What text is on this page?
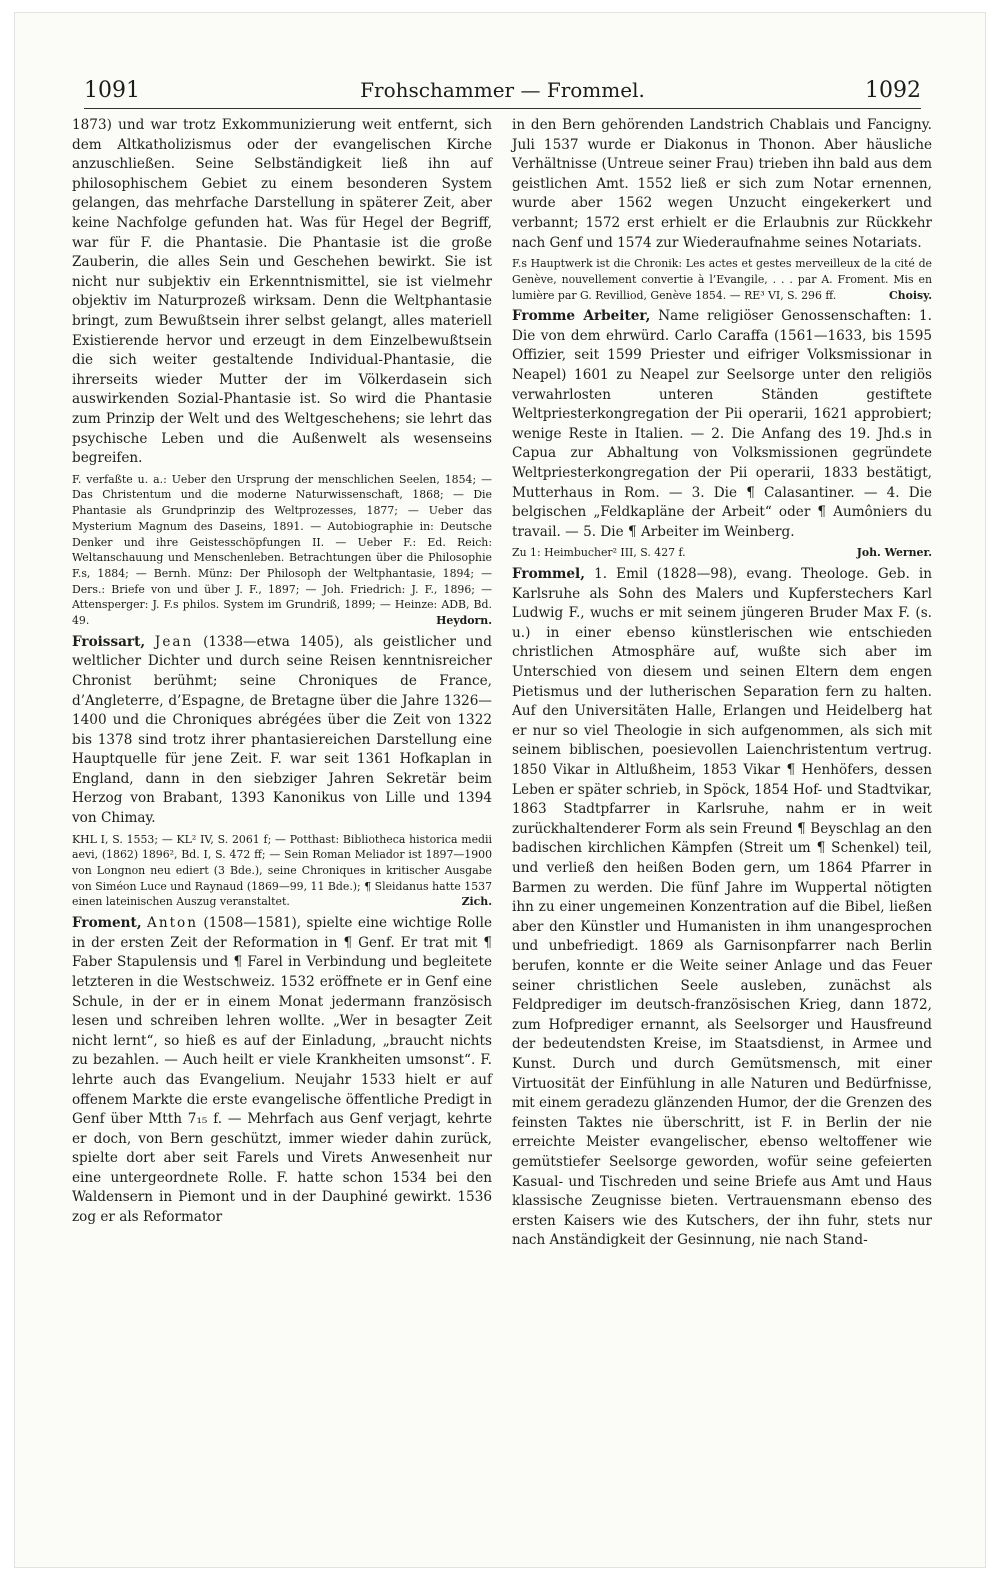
1091	Frohschammer — Frommel.	1092

1873) und war trotz Exkommunizierung weit entfernt, sich dem Altkatholizismus oder der evangelischen Kirche anzuschließen. Seine Selbständigkeit ließ ihn auf philosophischem Gebiet zu einem besonderen System gelangen, das mehrfache Darstellung in späterer Zeit, aber keine Nachfolge gefunden hat. Was für Hegel der Begriff, war für F. die Phantasie. Die Phantasie ist die große Zauberin, die alles Sein und Geschehen bewirkt. Sie ist nicht nur subjektiv ein Erkenntnismittel, sie ist vielmehr objektiv im Naturprozeß wirksam. Denn die Weltphantasie bringt, zum Bewußtsein ihrer selbst gelangt, alles materiell Existierende hervor und erzeugt in dem Einzelbewußtsein die sich weiter gestaltende Individual-Phantasie, die ihrerseits wieder Mutter der im Völkerdasein sich auswirkenden Sozial-Phantasie ist. So wird die Phantasie zum Prinzip der Welt und des Weltgeschehens; sie lehrt das psychische Leben und die Außenwelt als wesenseins begreifen.

F. verfaßte u. a.: Ueber den Ursprung der menschlichen Seelen, 1854; — Das Christentum und die moderne Naturwissenschaft, 1868; — Die Phantasie als Grundprinzip des Weltprozesses, 1877; — Ueber das Mysterium Magnum des Daseins, 1891. — Autobiographie in: Deutsche Denker und ihre Geistesschöpfungen II. — Ueber F.: Ed. Reich: Weltanschauung und Menschenleben. Betrachtungen über die Philosophie F.s, 1884; — Bernh. Münz: Der Philosoph der Weltphantasie, 1894; — Ders.: Briefe von und über J. F., 1897; — Joh. Friedrich: J. F., 1896; — Attensperger: J. F.s philos. System im Grundriß, 1899; — Heinze: ADB, Bd. 49.	Heydorn.

Froissart, Jean (1338—etwa 1405), als geistlicher und weltlicher Dichter und durch seine Reisen kenntnisreicher Chronist berühmt; seine Chroniques de France, d’Angleterre, d’Espagne, de Bretagne über die Jahre 1326—1400 und die Chroniques abrégées über die Zeit von 1322 bis 1378 sind trotz ihrer phantasiereichen Darstellung eine Hauptquelle für jene Zeit. F. war seit 1361 Hofkaplan in England, dann in den siebziger Jahren Sekretär beim Herzog von Brabant, 1393 Kanonikus von Lille und 1394 von Chimay.

KHL I, S. 1553; — KL² IV, S. 2061 f; — Potthast: Bibliotheca historica medii aevi, (1862) 1896², Bd. I, S. 472 ff; — Sein Roman Meliador ist 1897—1900 von Longnon neu ediert (3 Bde.), seine Chroniques in kritischer Ausgabe von Siméon Luce und Raynaud (1869—99, 11 Bde.); ¶ Sleidanus hatte 1537 einen lateinischen Auszug veranstaltet.	Zich.

Froment, Anton (1508—1581), spielte eine wichtige Rolle in der ersten Zeit der Reformation in ¶ Genf. Er trat mit ¶ Faber Stapulensis und ¶ Farel in Verbindung und begleitete letzteren in die Westschweiz. 1532 eröffnete er in Genf eine Schule, in der er in einem Monat jedermann französisch lesen und schreiben lehren wollte. „Wer in besagter Zeit nicht lernt“, so hieß es auf der Einladung, „braucht nichts zu bezahlen. — Auch heilt er viele Krankheiten umsonst“. F. lehrte auch das Evangelium. Neujahr 1533 hielt er auf offenem Markte die erste evangelische öffentliche Predigt in Genf über Mtth 7₁₅ f. — Mehrfach aus Genf verjagt, kehrte er doch, von Bern geschützt, immer wieder dahin zurück, spielte dort aber seit Farels und Virets Anwesenheit nur eine untergeordnete Rolle. F. hatte schon 1534 bei den Waldensern in Piemont und in der Dauphiné gewirkt. 1536 zog er als Reformator

in den Bern gehörenden Landstrich Chablais und Fancigny. Juli 1537 wurde er Diakonus in Thonon. Aber häusliche Verhältnisse (Untreue seiner Frau) trieben ihn bald aus dem geistlichen Amt. 1552 ließ er sich zum Notar ernennen, wurde aber 1562 wegen Unzucht eingekerkert und verbannt; 1572 erst erhielt er die Erlaubnis zur Rückkehr nach Genf und 1574 zur Wiederaufnahme seines Notariats.

F.s Hauptwerk ist die Chronik: Les actes et gestes merveilleux de la cité de Genève, nouvellement convertie à l’Evangile, . . . par A. Froment. Mis en lumière par G. Revilliod, Genève 1854. — RE³ VI, S. 296 ff.	Choisy.

Fromme Arbeiter, Name religiöser Genossenschaften: 1. Die von dem ehrwürd. Carlo Caraffa (1561—1633, bis 1595 Offizier, seit 1599 Priester und eifriger Volksmissionar in Neapel) 1601 zu Neapel zur Seelsorge unter den religiös verwahrlosten unteren Ständen gestiftete Weltpriesterkongregation der Pii operarii, 1621 approbiert; wenige Reste in Italien. — 2. Die Anfang des 19. Jhd.s in Capua zur Abhaltung von Volksmissionen gegründete Weltpriesterkongregation der Pii operarii, 1833 bestätigt, Mutterhaus in Rom. — 3. Die ¶ Calasantiner. — 4. Die belgischen „Feldkapläne der Arbeit“ oder ¶ Aumôniers du travail. — 5. Die ¶ Arbeiter im Weinberg.

Zu 1: Heimbucher² III, S. 427 f.	Joh. Werner.

Frommel, 1. Emil (1828—98), evang. Theologe. Geb. in Karlsruhe als Sohn des Malers und Kupferstechers Karl Ludwig F., wuchs er mit seinem jüngeren Bruder Max F. (s. u.) in einer ebenso künstlerischen wie entschieden christlichen Atmosphäre auf, wußte sich aber im Unterschied von diesem und seinen Eltern dem engen Pietismus und der lutherischen Separation fern zu halten. Auf den Universitäten Halle, Erlangen und Heidelberg hat er nur so viel Theologie in sich aufgenommen, als sich mit seinem biblischen, poesievollen Laienchristentum vertrug. 1850 Vikar in Altlußheim, 1853 Vikar ¶ Henhöfers, dessen Leben er später schrieb, in Spöck, 1854 Hof- und Stadtvikar, 1863 Stadtpfarrer in Karlsruhe, nahm er in weit zurückhaltenderer Form als sein Freund ¶ Beyschlag an den badischen kirchlichen Kämpfen (Streit um ¶ Schenkel) teil, und verließ den heißen Boden gern, um 1864 Pfarrer in Barmen zu werden. Die fünf Jahre im Wuppertal nötigten ihn zu einer ungemeinen Konzentration auf die Bibel, ließen aber den Künstler und Humanisten in ihm unangesprochen und unbefriedigt. 1869 als Garnisonpfarrer nach Berlin berufen, konnte er die Weite seiner Anlage und das Feuer seiner christlichen Seele ausleben, zunächst als Feldprediger im deutsch-französischen Krieg, dann 1872, zum Hofprediger ernannt, als Seelsorger und Hausfreund der bedeutendsten Kreise, im Staatsdienst, in Armee und Kunst. Durch und durch Gemütsmensch, mit einer Virtuosität der Einfühlung in alle Naturen und Bedürfnisse, mit einem geradezu glänzenden Humor, der die Grenzen des feinsten Taktes nie überschritt, ist F. in Berlin der nie erreichte Meister evangelischer, ebenso weltoffener wie gemütstiefer Seelsorge geworden, wofür seine gefeierten Kasual- und Tischreden und seine Briefe aus Amt und Haus klassische Zeugnisse bieten. Vertrauensmann ebenso des ersten Kaisers wie des Kutschers, der ihn fuhr, stets nur nach Anständigkeit der Gesinnung, nie nach Stand-
